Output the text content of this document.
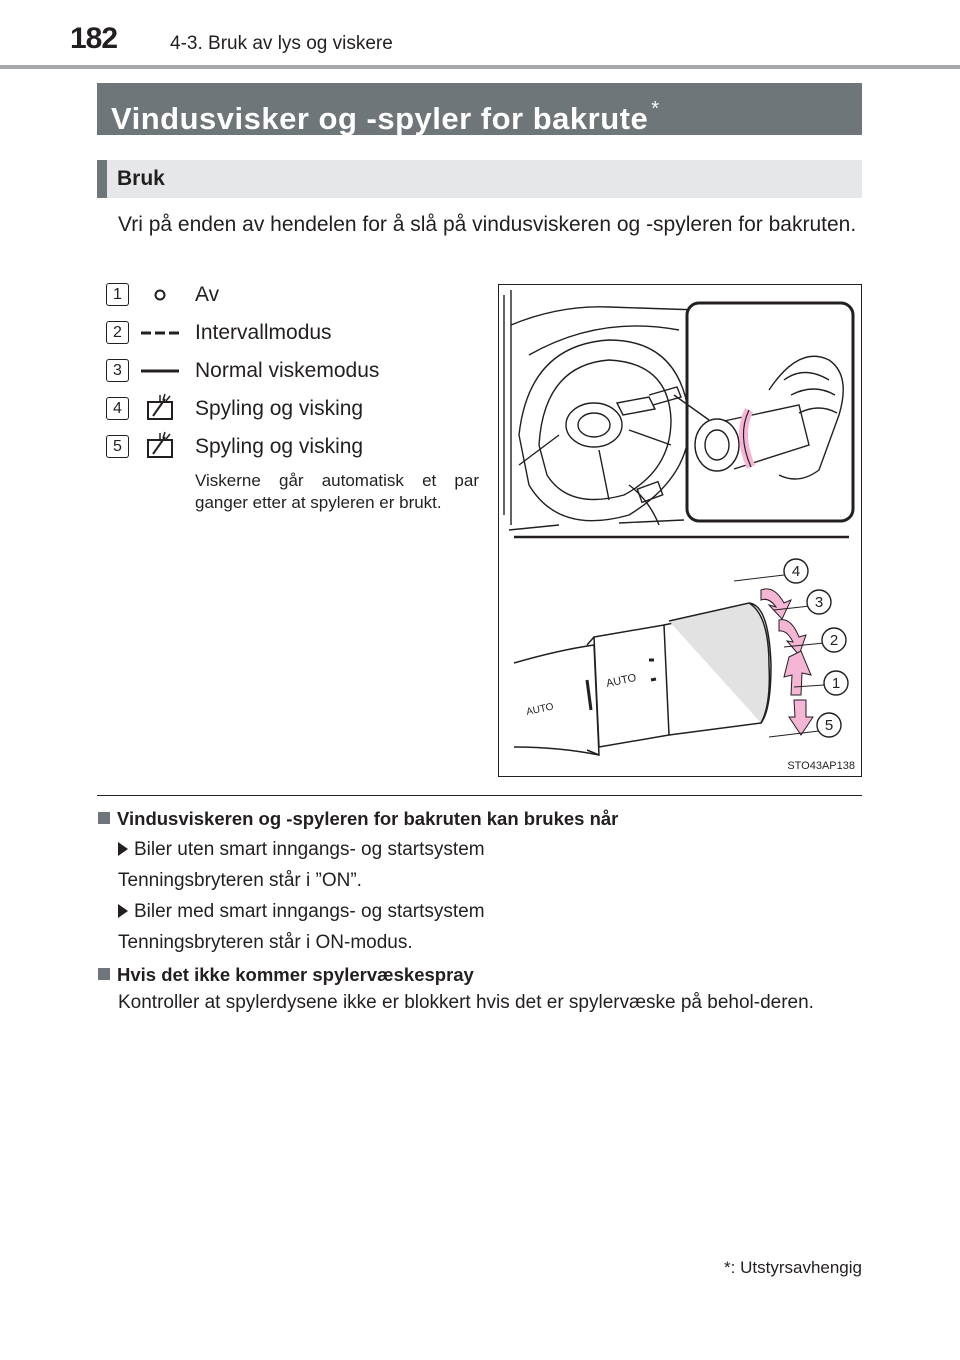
182	4-3. Bruk av lys og viskere
Vindusvisker og -spyler for bakrute *
Bruk
Vri på enden av hendelen for å slå på vindusviskeren og -spyleren for bakruten.
1	Av
2	Intervallmodus
3	Normal viskemodus
4	Spyling og visking
5	Spyling og visking
Viskerne går automatisk et par ganger etter at spyleren er brukt.
AUTO
AUTO
4
3
2
1
5
STO43AP138
Vindusviskeren og -spyleren for bakruten kan brukes når
Biler uten smart inngangs- og startsystem
Tenningsbryteren står i ”ON”.
Biler med smart inngangs- og startsystem
Tenningsbryteren står i ON-modus.
Hvis det ikke kommer spylervæskespray
Kontroller at spylerdysene ikke er blokkert hvis det er spylervæske på behol-deren.
*: Utstyrsavhengig
